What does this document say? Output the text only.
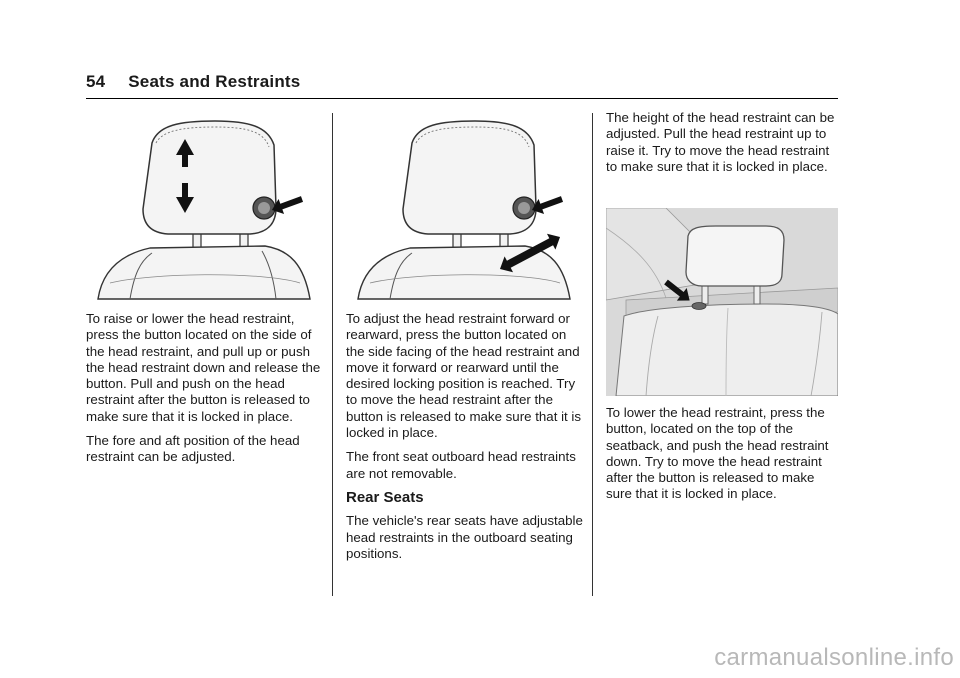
54 Seats and Restraints

To raise or lower the head restraint, press the button located on the side of the head restraint, and pull up or push the head restraint down and release the button. Pull and push on the head restraint after the button is released to make sure that it is locked in place.

The fore and aft position of the head restraint can be adjusted.

To adjust the head restraint forward or rearward, press the button located on the side facing of the head restraint and move it forward or rearward until the desired locking position is reached. Try to move the head restraint after the button is released to make sure that it is locked in place.

The front seat outboard head restraints are not removable.

Rear Seats

The vehicle's rear seats have adjustable head restraints in the outboard seating positions.

The height of the head restraint can be adjusted. Pull the head restraint up to raise it. Try to move the head restraint to make sure that it is locked in place.

To lower the head restraint, press the button, located on the top of the seatback, and push the head restraint down. Try to move the head restraint after the button is released to make sure that it is locked in place.

carmanualsonline.info
